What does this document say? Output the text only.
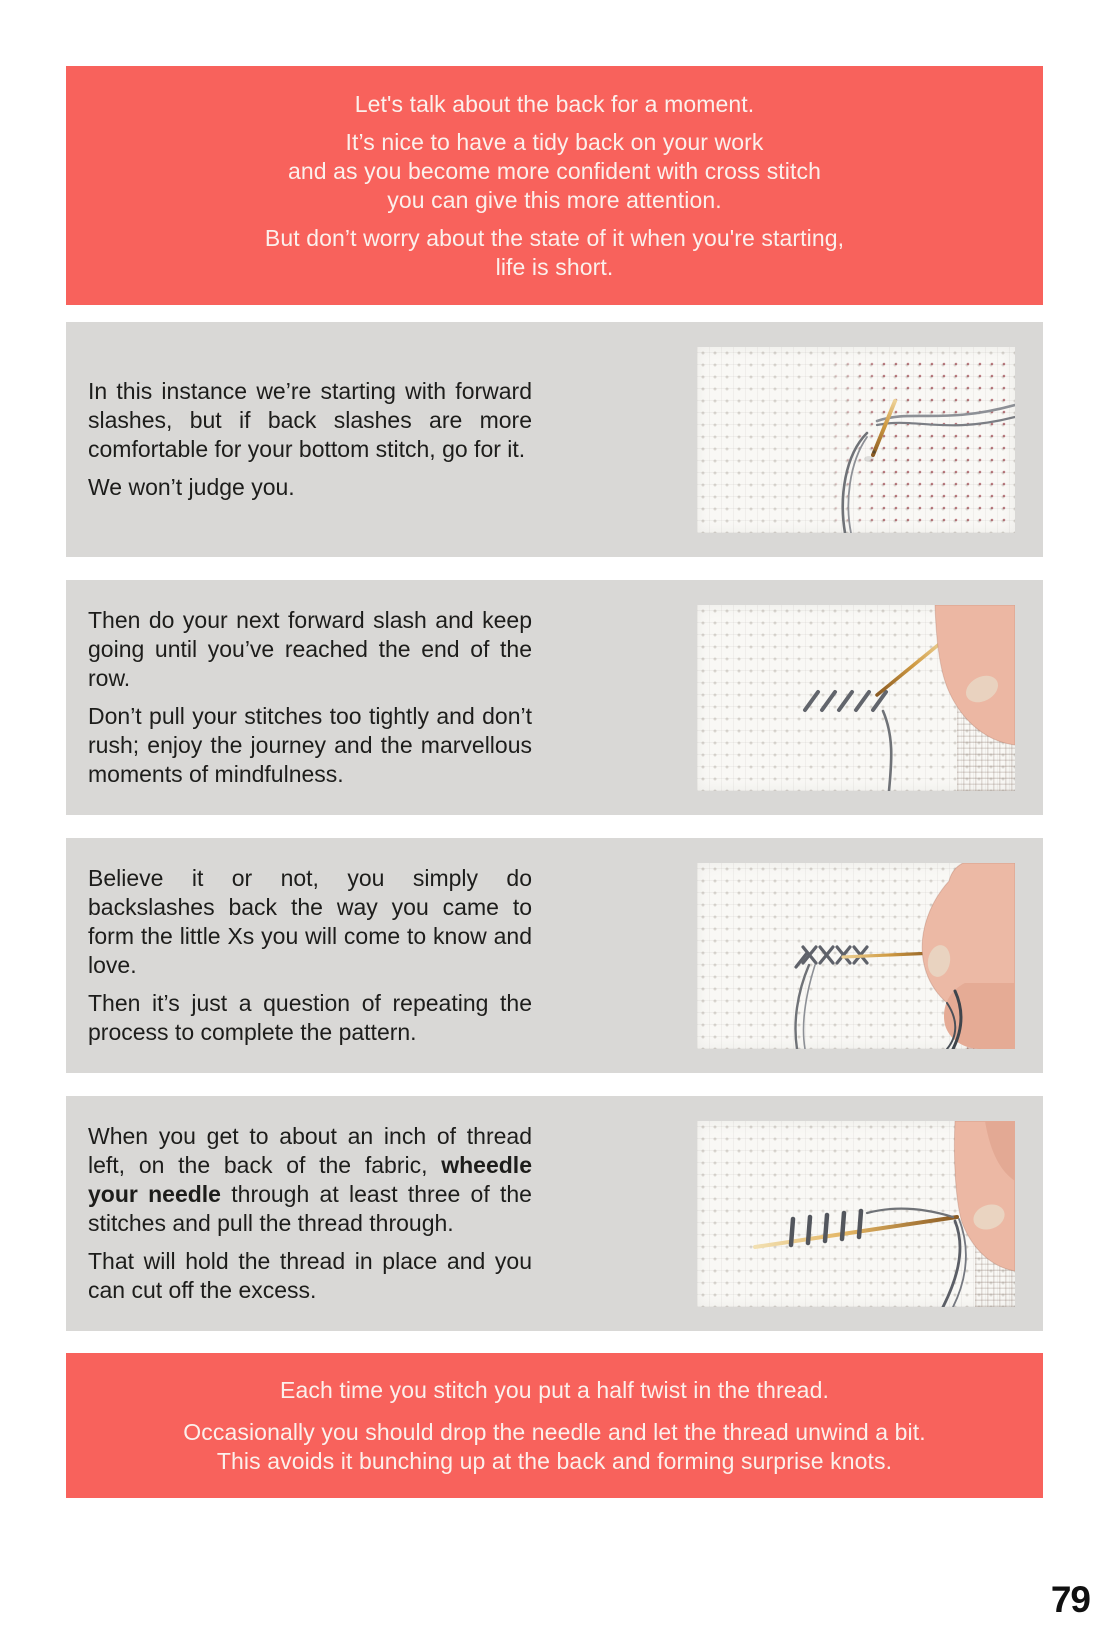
Let's talk about the back for a moment.

It’s nice to have a tidy back on your work

and as you become more confident with cross stitch

you can give this more attention.

But don’t worry about the state of it when you're starting,

life is short.

In this instance we’re starting with forward slashes, but if back slashes are more comfortable for your bottom stitch, go for it.

We won’t judge you.

Then do your next forward slash and keep going until you’ve reached the end of the row.

Don’t pull your stitches too tightly and don’t rush; enjoy the journey and the marvellous moments of mindfulness.

Believe it or not, you simply do backslashes back the way you came to form the little Xs you will come to know and love.

Then it’s just a question of repeating the process to complete the pattern.

When you get to about an inch of thread left, on the back of the fabric, wheedle your needle through at least three of the stitches and pull the thread through.

That will hold the thread in place and you can cut off the excess.

Each time you stitch you put a half twist in the thread.

Occasionally you should drop the needle and let the thread unwind a bit.

This avoids it bunching up at the back and forming surprise knots.

79
